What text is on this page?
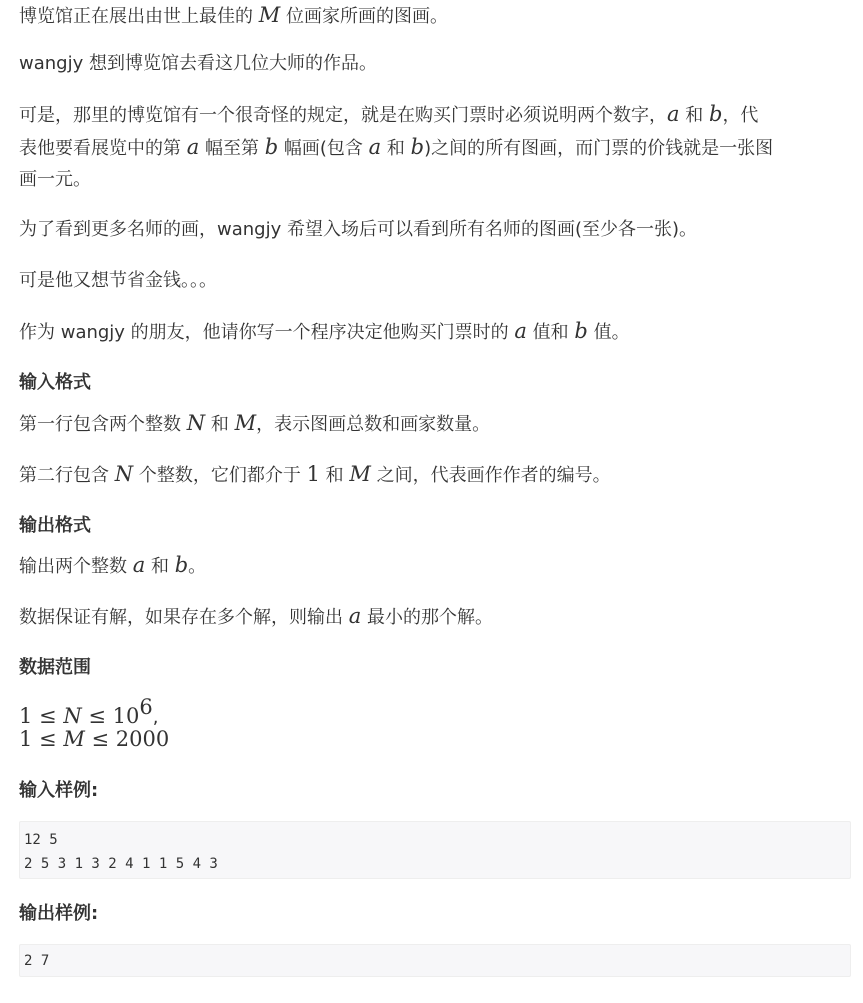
博览馆正在展出由世上最佳的 M 位画家所画的图画。
wangjy 想到博览馆去看这几位大师的作品。
可是，那里的博览馆有一个很奇怪的规定，就是在购买门票时必须说明两个数字，a 和 b，代
表他要看展览中的第 a 幅至第 b 幅画(包含 a 和 b)之间的所有图画，而门票的价钱就是一张图
画一元。
为了看到更多名师的画，wangjy 希望入场后可以看到所有名师的图画(至少各一张)。
可是他又想节省金钱。。。
作为 wangjy 的朋友，他请你写一个程序决定他购买门票时的 a 值和 b 值。
输入格式
第一行包含两个整数 N 和 M，表示图画总数和画家数量。
第二行包含 N 个整数，它们都介于 1 和 M 之间，代表画作作者的编号。
输出格式
输出两个整数 a 和 b。
数据保证有解，如果存在多个解，则输出 a 最小的那个解。
数据范围
$1 \le N \le 10^6$,
1 ≤ M ≤ 2000
输入样例:
12 5
2 5 3 1 3 2 4 1 1 5 4 3
输出样例:
2 7
